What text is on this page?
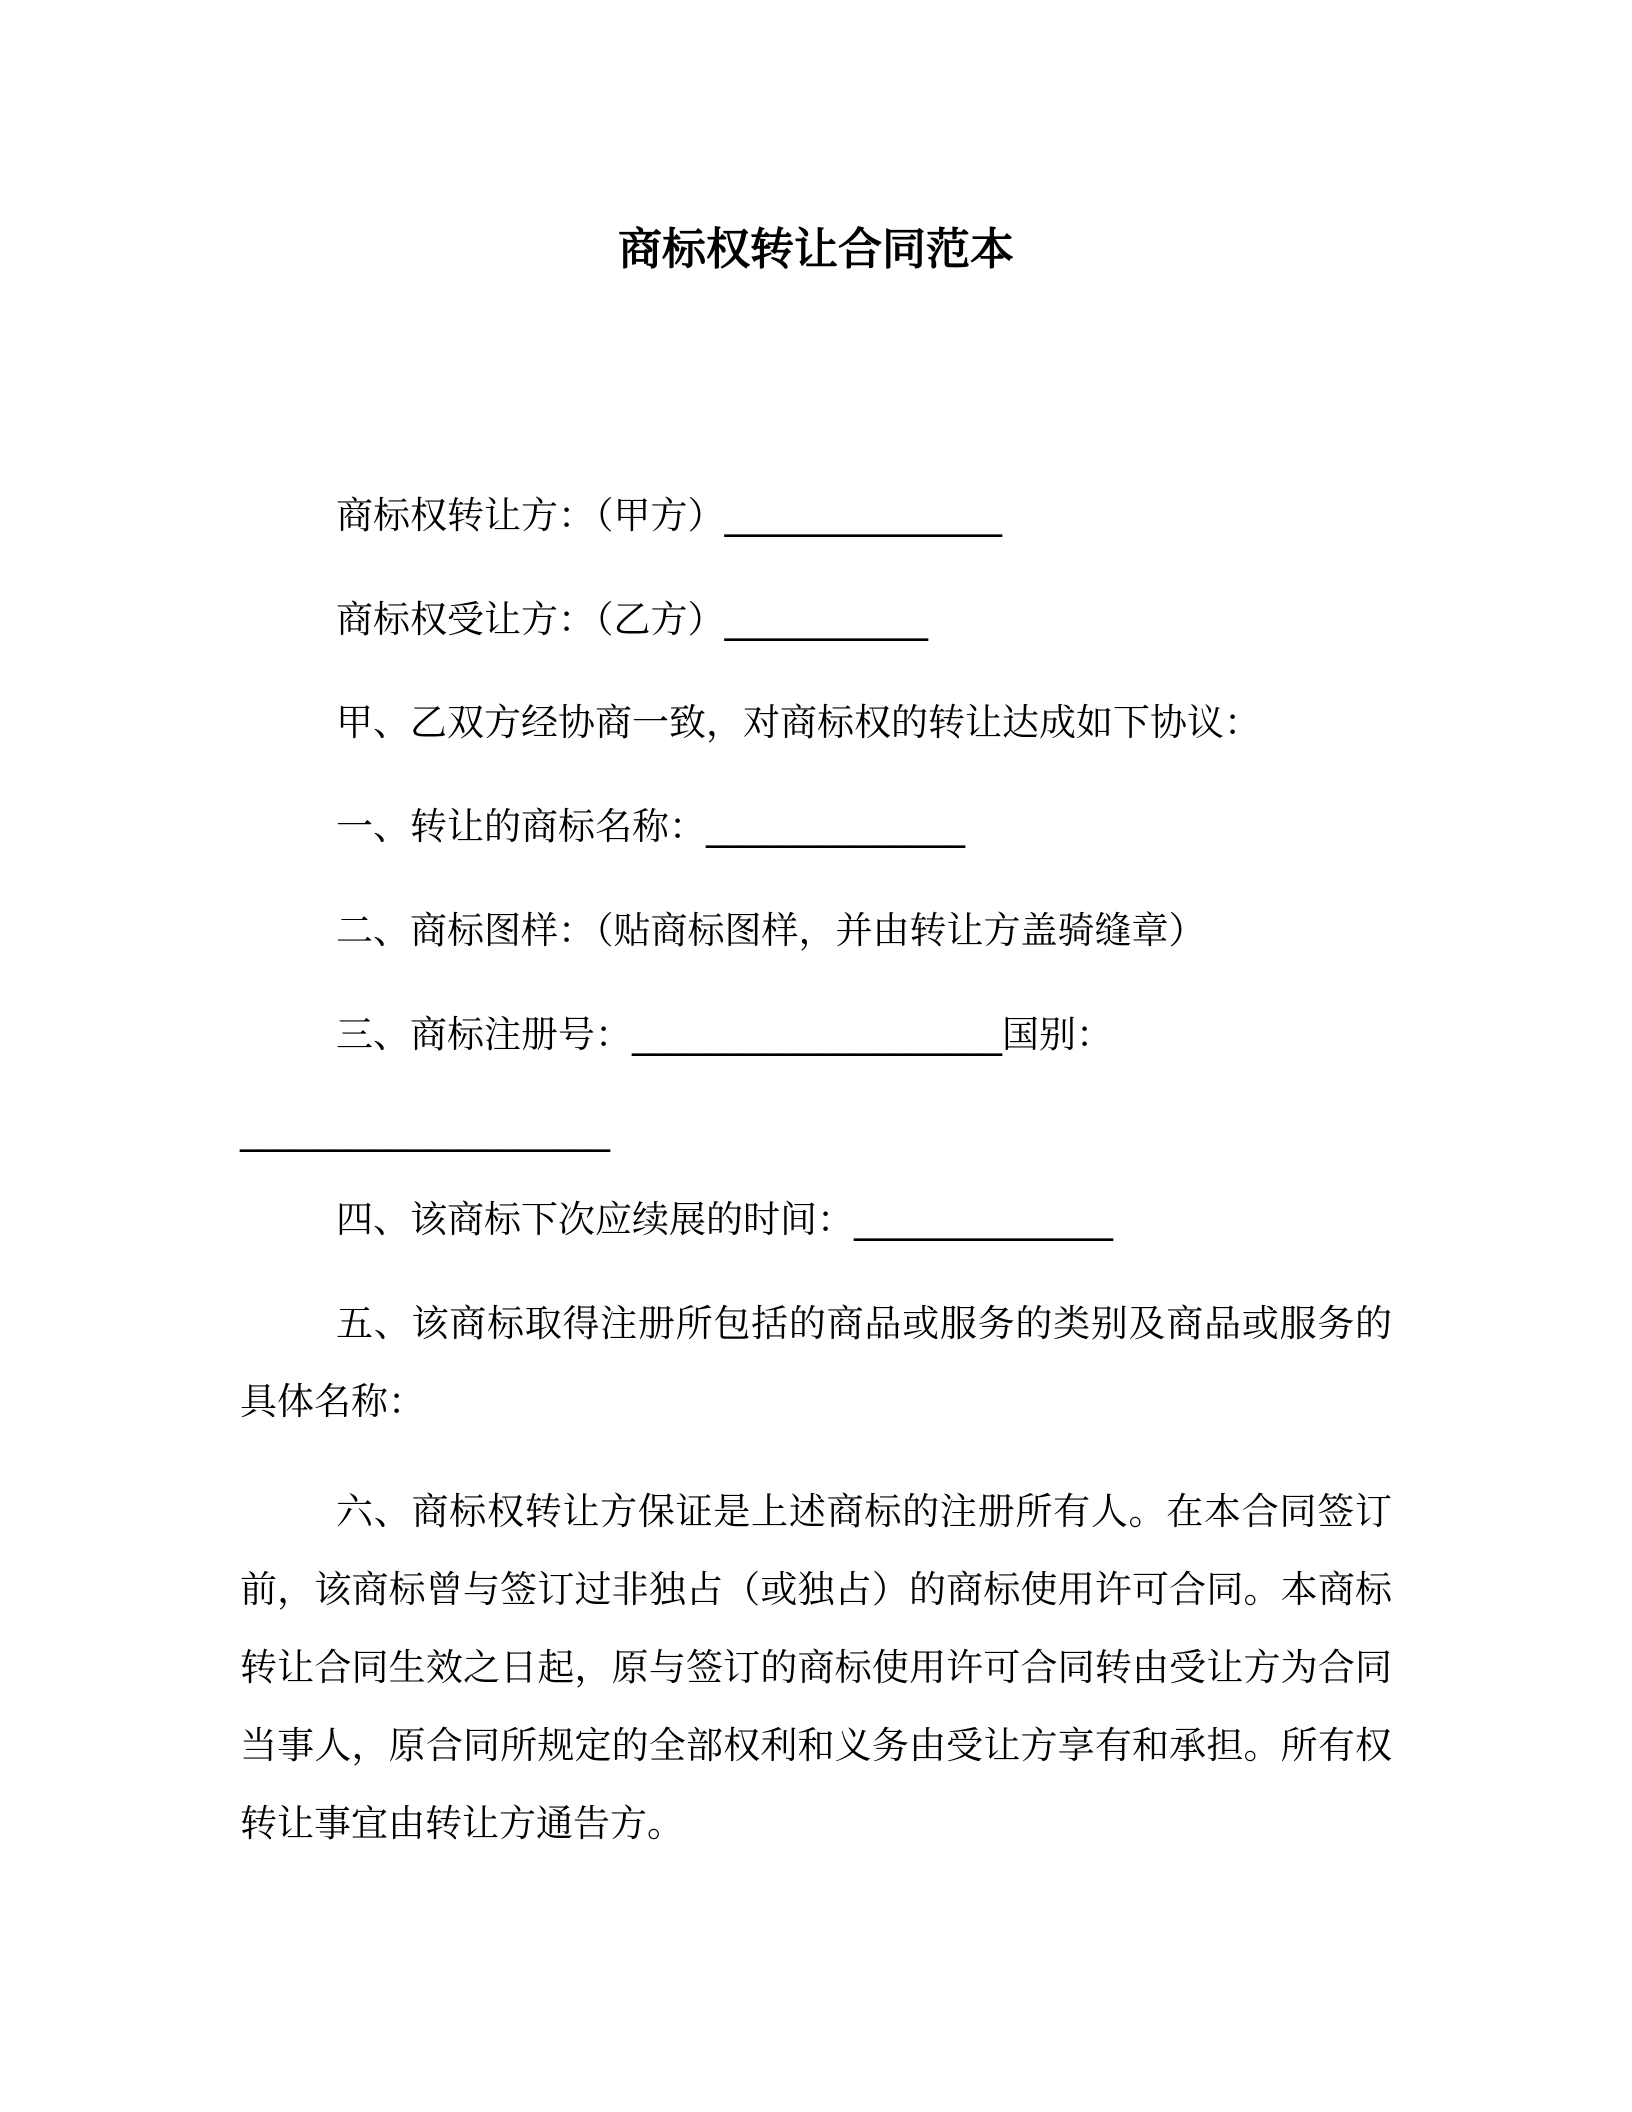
商标权转让合同范本

商标权转让方：（甲方）_______________

商标权受让方：（乙方）___________

甲、乙双方经协商一致，对商标权的转让达成如下协议：

一、转让的商标名称：______________

二、商标图样：（贴商标图样，并由转让方盖骑缝章）

三、商标注册号：____________________国别：

____________________

四、该商标下次应续展的时间：______________

五、该商标取得注册所包括的商品或服务的类别及商品或服务的具体名称：

六、商标权转让方保证是上述商标的注册所有人。在本合同签订前，该商标曾与签订过非独占（或独占）的商标使用许可合同。本商标转让合同生效之日起，原与签订的商标使用许可合同转由受让方为合同当事人，原合同所规定的全部权利和义务由受让方享有和承担。所有权转让事宜由转让方通告方。
